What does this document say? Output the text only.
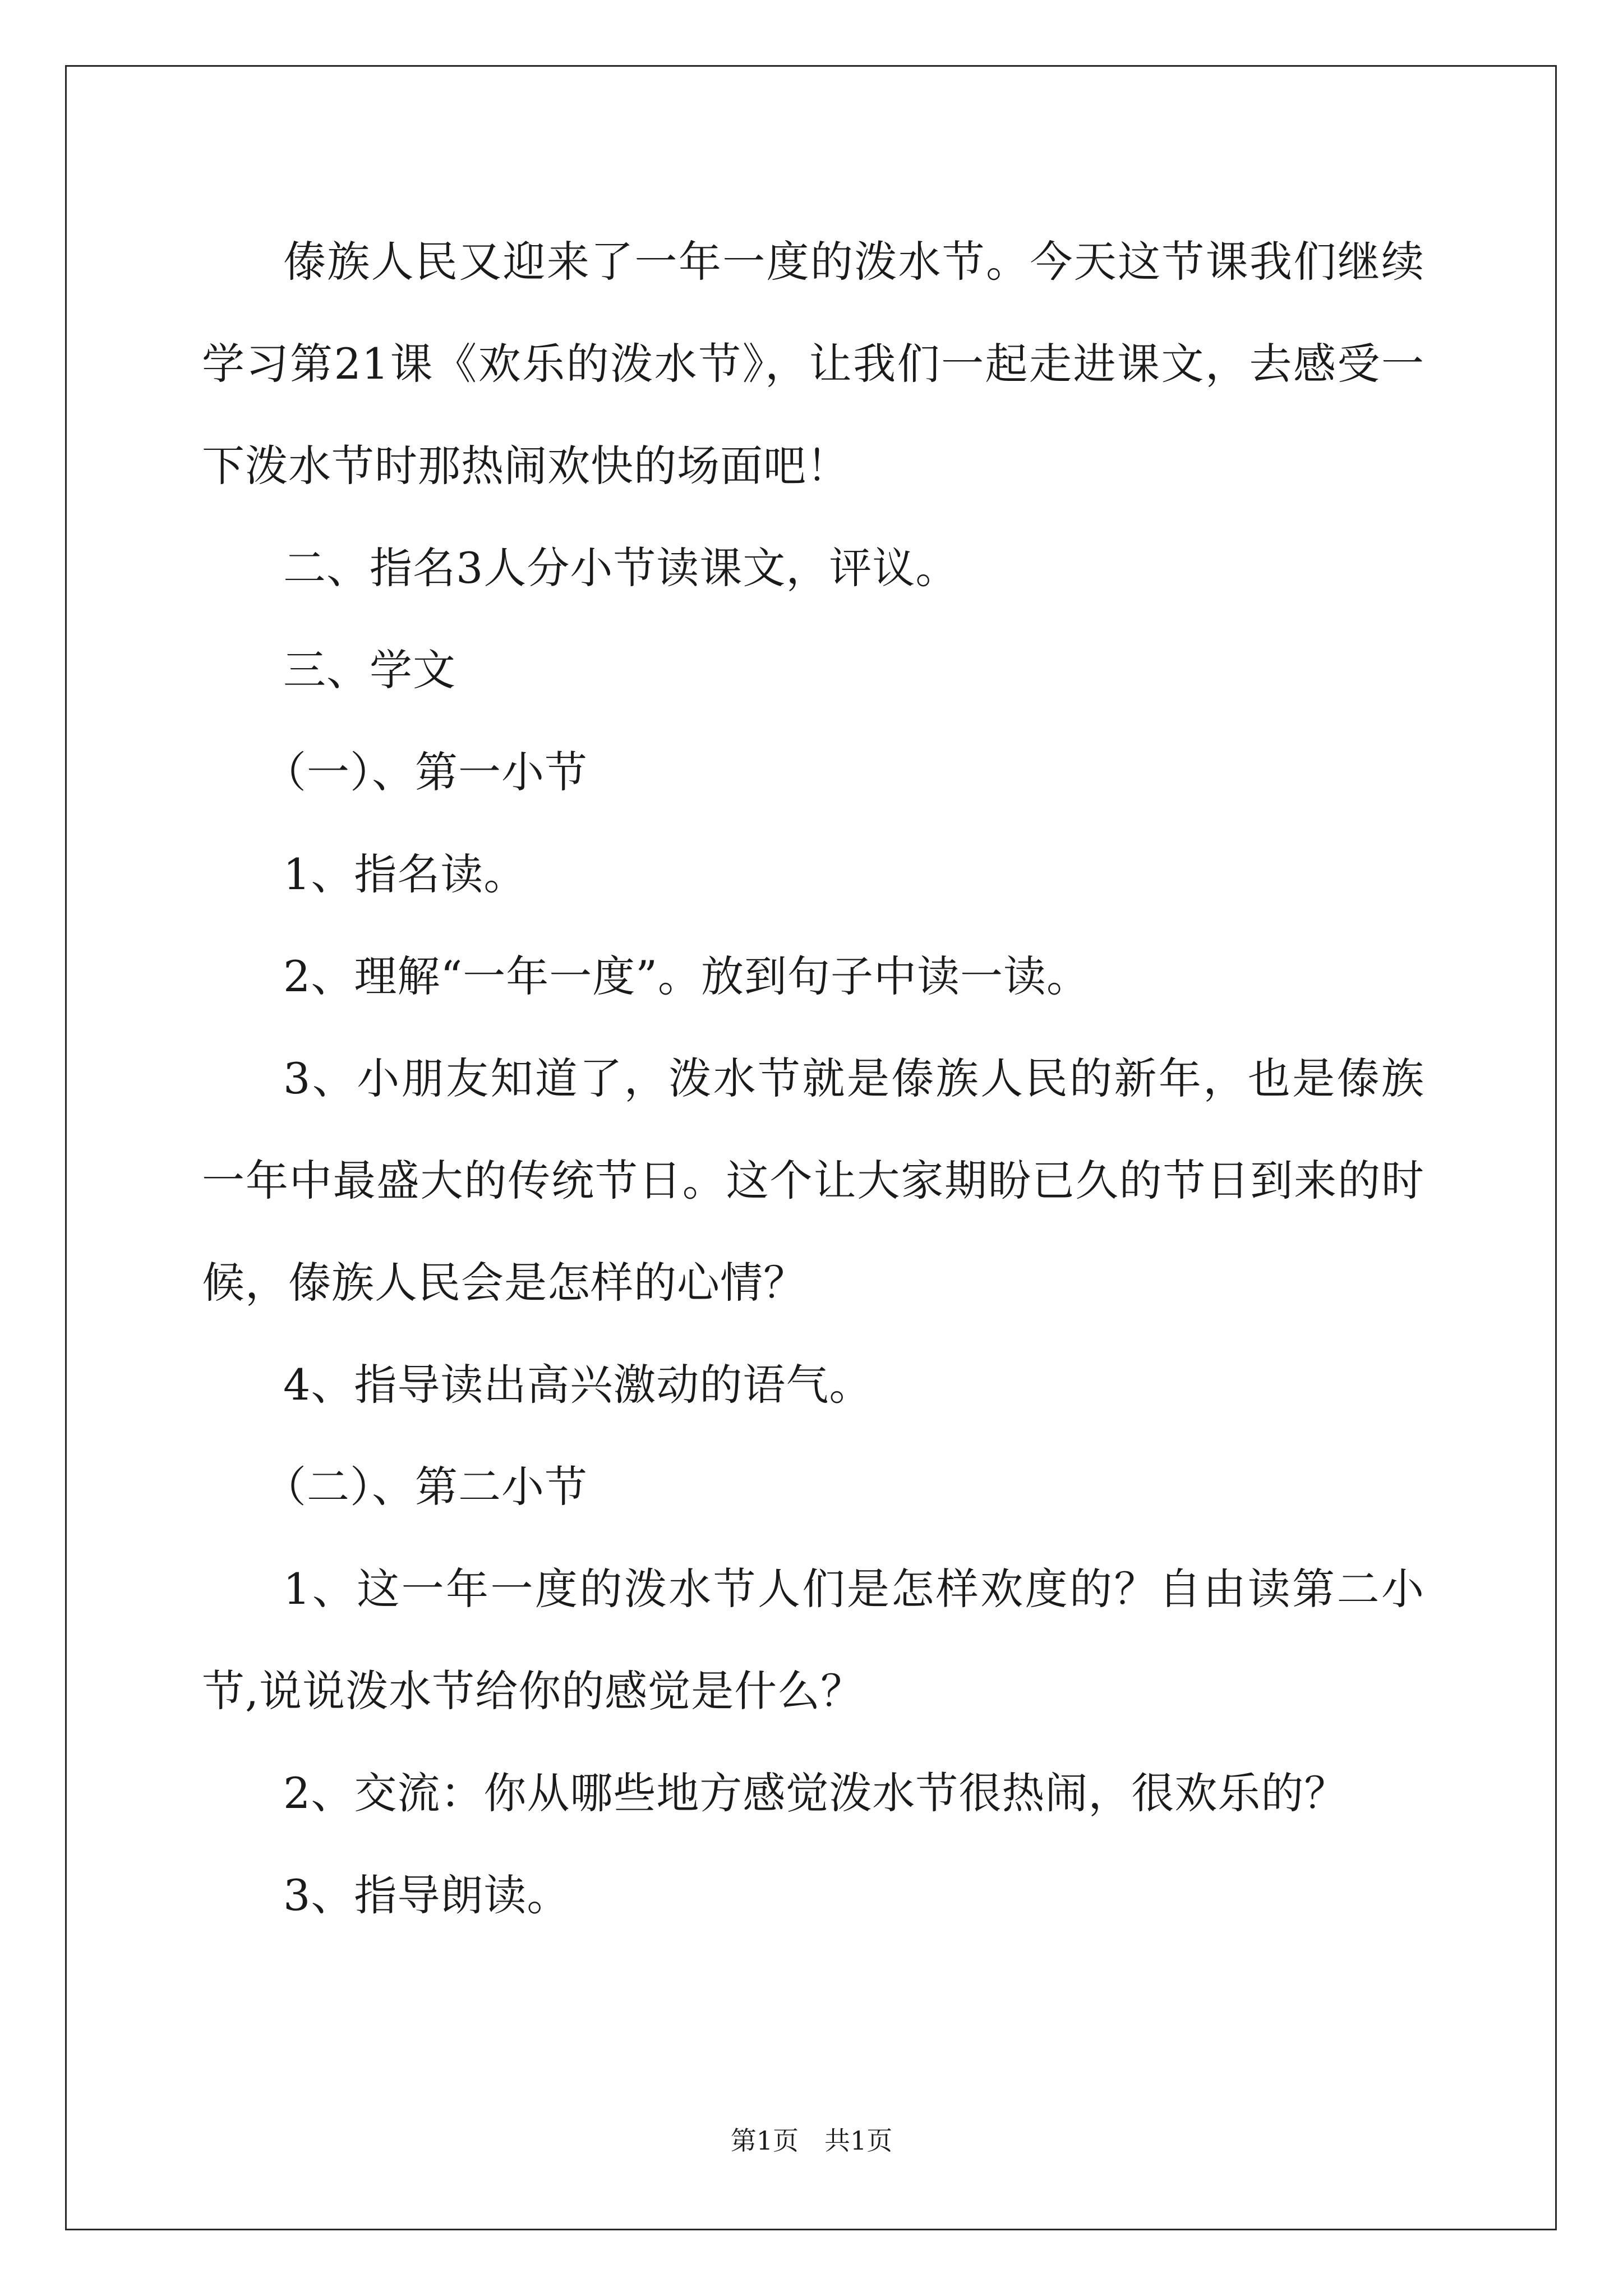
傣族人民又迎来了一年一度的泼水节。今天这节课我们继续学习第21课《欢乐的泼水节》，让我们一起走进课文，去感受一下泼水节时那热闹欢快的场面吧！

二、指名3人分小节读课文，评议。

三、学文

（一）、第一小节

1、指名读。

2、理解“一年一度”。放到句子中读一读。

3、小朋友知道了，泼水节就是傣族人民的新年，也是傣族一年中最盛大的传统节日。这个让大家期盼已久的节日到来的时候，傣族人民会是怎样的心情？

4、指导读出高兴激动的语气。

（二）、第二小节

1、这一年一度的泼水节人们是怎样欢度的？自由读第二小节,说说泼水节给你的感觉是什么？

2、交流：你从哪些地方感觉泼水节很热闹，很欢乐的？

3、指导朗读。

第1页 共1页
